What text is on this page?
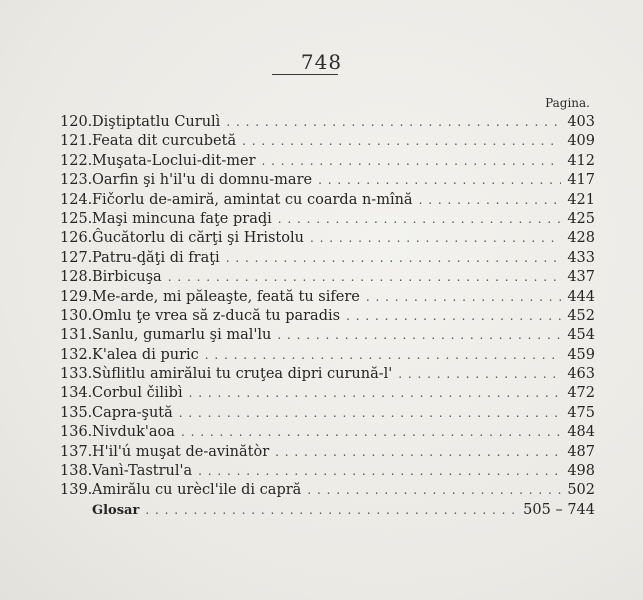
748
Pagina.
120. Diştiptatlu Curulì . . .	403
121. Feata dit curcubetă . . .	409
122. Muşata-Loclui-dit-mer . . .	412
123. Oarfin şi h'il'u di domnu-mare . . .	417
124. Fičorlu de-amiră, amintat cu coarda n-mînă . . .	421
125. Maşi mincuna faţe praḑi . . .	425
126. Ĝucătorlu di cărţi şi Hristolu . . .	428
127. Patru-ḑăţi di fraţi . . .	433
128. Birbicuşa . . .	437
129. Me-arde, mi păleaşte, feată tu sifere . . .	444
130. Omlu ţe vrea să z-ducă tu paradis . . .	452
131. Sanlu, gumarlu şi mal'lu . . .	454
132. K'alea di puric . . .	459
133. Sùflitlu amirălui tu cruţea dipri curună-l' . . .	463
134. Corbul čilibì . . .	472
135. Capra-şută . . .	475
136. Nivduk'aoa . . .	484
137. H'il'ú muşat de-avinătòr . . .	487
138. Vanì-Tastrul'a . . .	498
139. Amirălu cu urècl'ile di capră . . .	502
Glosar . . .	505 – 744
